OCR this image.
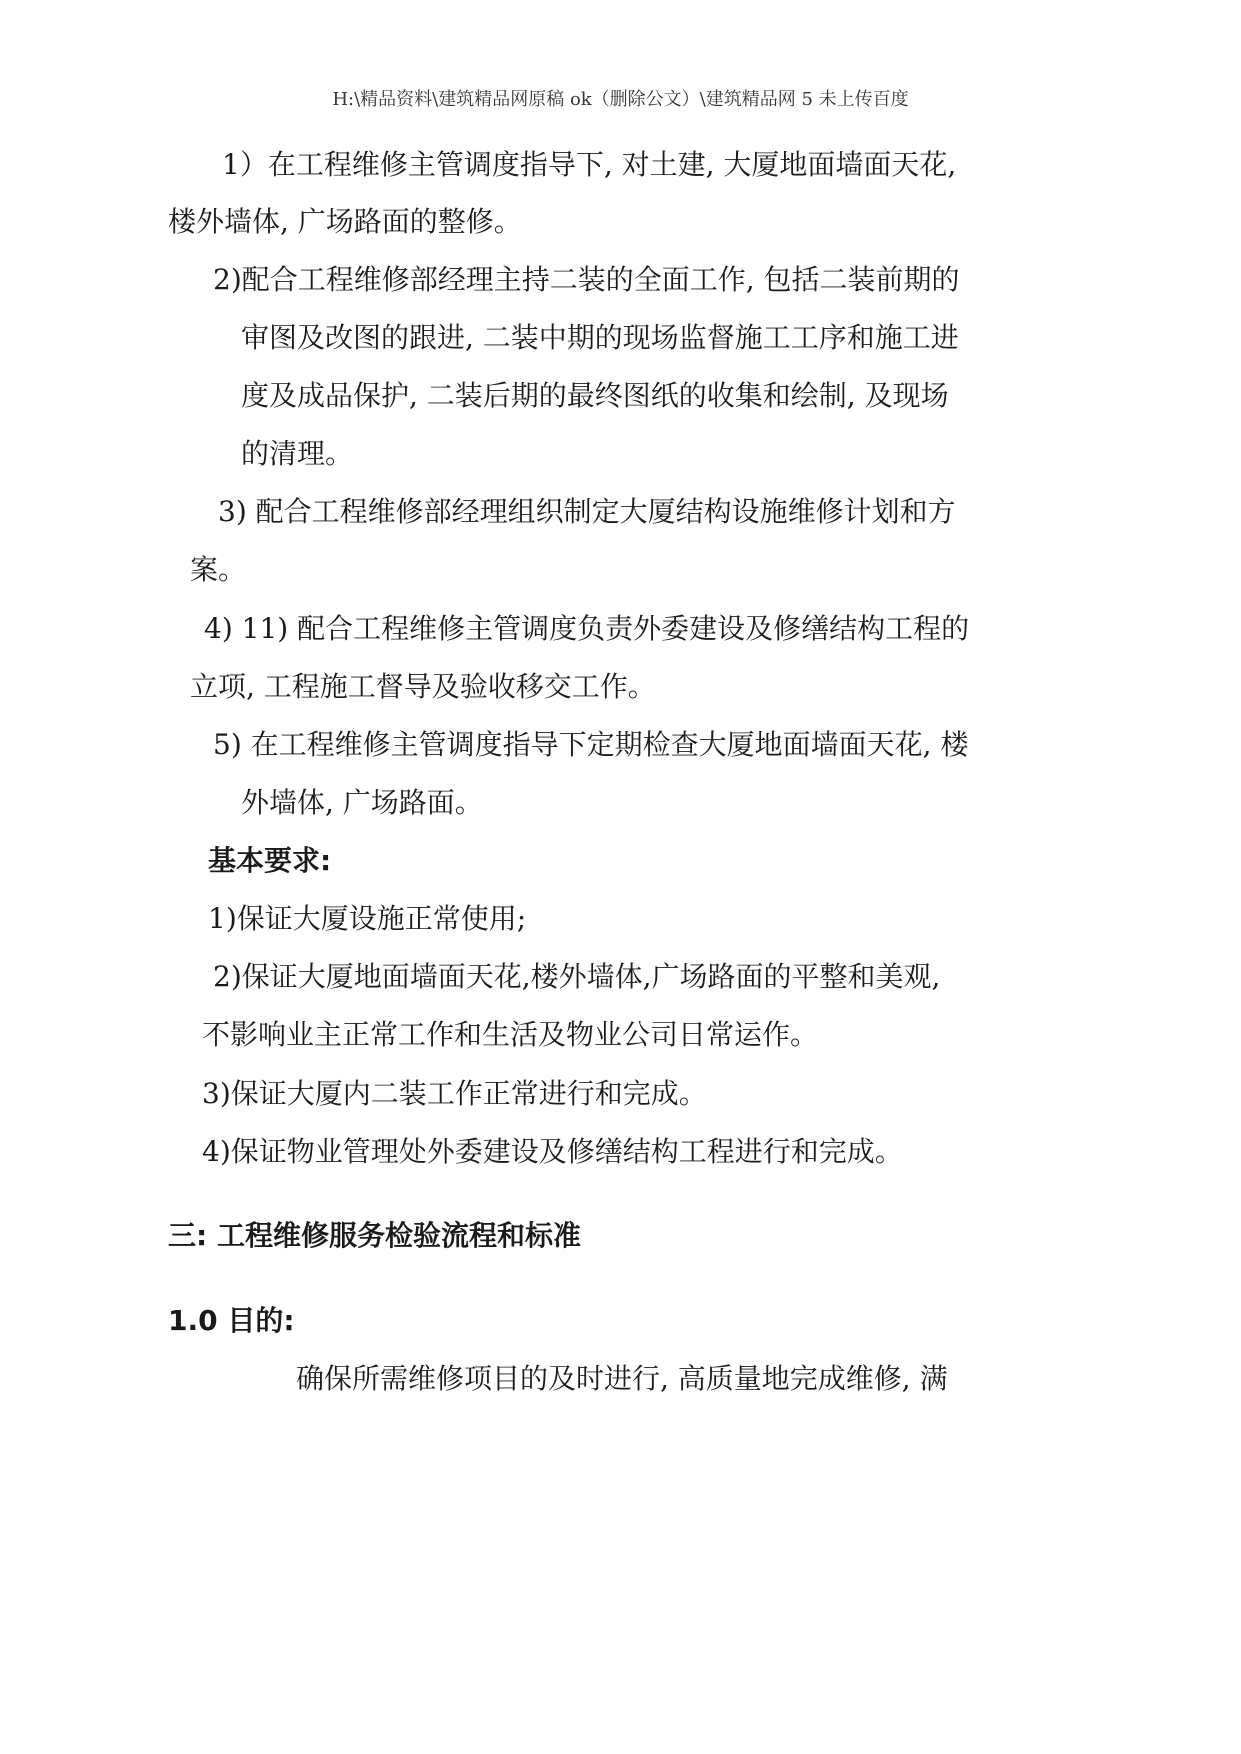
H:\精品资料\建筑精品网原稿 ok（删除公文）\建筑精品网 5 未上传百度
1）在工程维修主管调度指导下, 对土建, 大厦地面墙面天花,
楼外墙体, 广场路面的整修。
2)配合工程维修部经理主持二装的全面工作, 包括二装前期的
审图及改图的跟进, 二装中期的现场监督施工工序和施工进
度及成品保护, 二装后期的最终图纸的收集和绘制, 及现场
的清理。
3) 配合工程维修部经理组织制定大厦结构设施维修计划和方
案。
4) 11) 配合工程维修主管调度负责外委建设及修缮结构工程的
立项, 工程施工督导及验收移交工作。
5) 在工程维修主管调度指导下定期检查大厦地面墙面天花, 楼
外墙体, 广场路面。
基本要求:
1)保证大厦设施正常使用;
2)保证大厦地面墙面天花,楼外墙体,广场路面的平整和美观,
不影响业主正常工作和生活及物业公司日常运作。
3)保证大厦内二装工作正常进行和完成。
4)保证物业管理处外委建设及修缮结构工程进行和完成。
三: 工程维修服务检验流程和标准
1.0 目的:
确保所需维修项目的及时进行, 高质量地完成维修, 满
